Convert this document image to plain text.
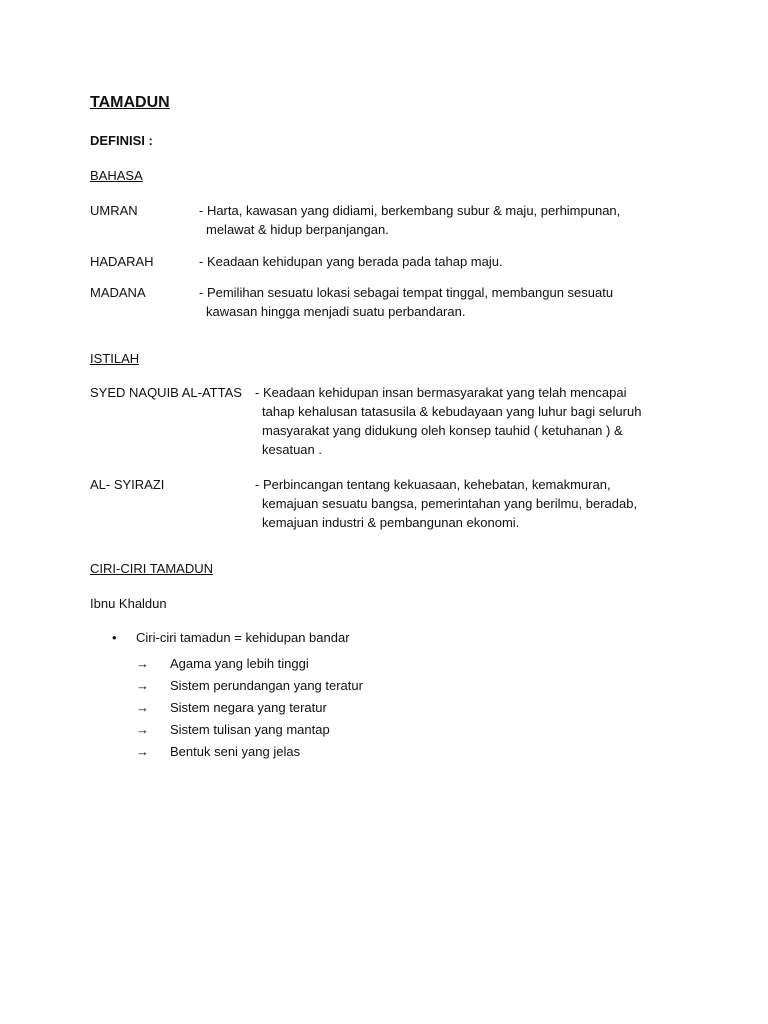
TAMADUN
DEFINISI :
BAHASA
UMRAN	- Harta, kawasan yang didiami, berkembang subur & maju, perhimpunan,
melawat & hidup berpanjangan.
HADARAH	- Keadaan kehidupan yang berada pada tahap maju.
MADANA	- Pemilihan sesuatu lokasi sebagai tempat tinggal, membangun sesuatu
kawasan hingga menjadi suatu perbandaran.
ISTILAH
SYED NAQUIB AL-ATTAS - Keadaan kehidupan insan bermasyarakat yang telah mencapai
tahap kehalusan tatasusila & kebudayaan yang luhur bagi seluruh
masyarakat yang didukung oleh konsep tauhid ( ketuhanan ) &
kesatuan .
AL- SYIRAZI	- Perbincangan tentang kekuasaan, kehebatan, kemakmuran,
kemajuan sesuatu bangsa, pemerintahan yang berilmu, beradab,
kemajuan industri & pembangunan ekonomi.
CIRI-CIRI TAMADUN
Ibnu Khaldun
• Ciri-ciri tamadun = kehidupan bandar
→ Agama yang lebih tinggi
→ Sistem perundangan yang teratur
→ Sistem negara yang teratur
→ Sistem tulisan yang mantap
→ Bentuk seni yang jelas
